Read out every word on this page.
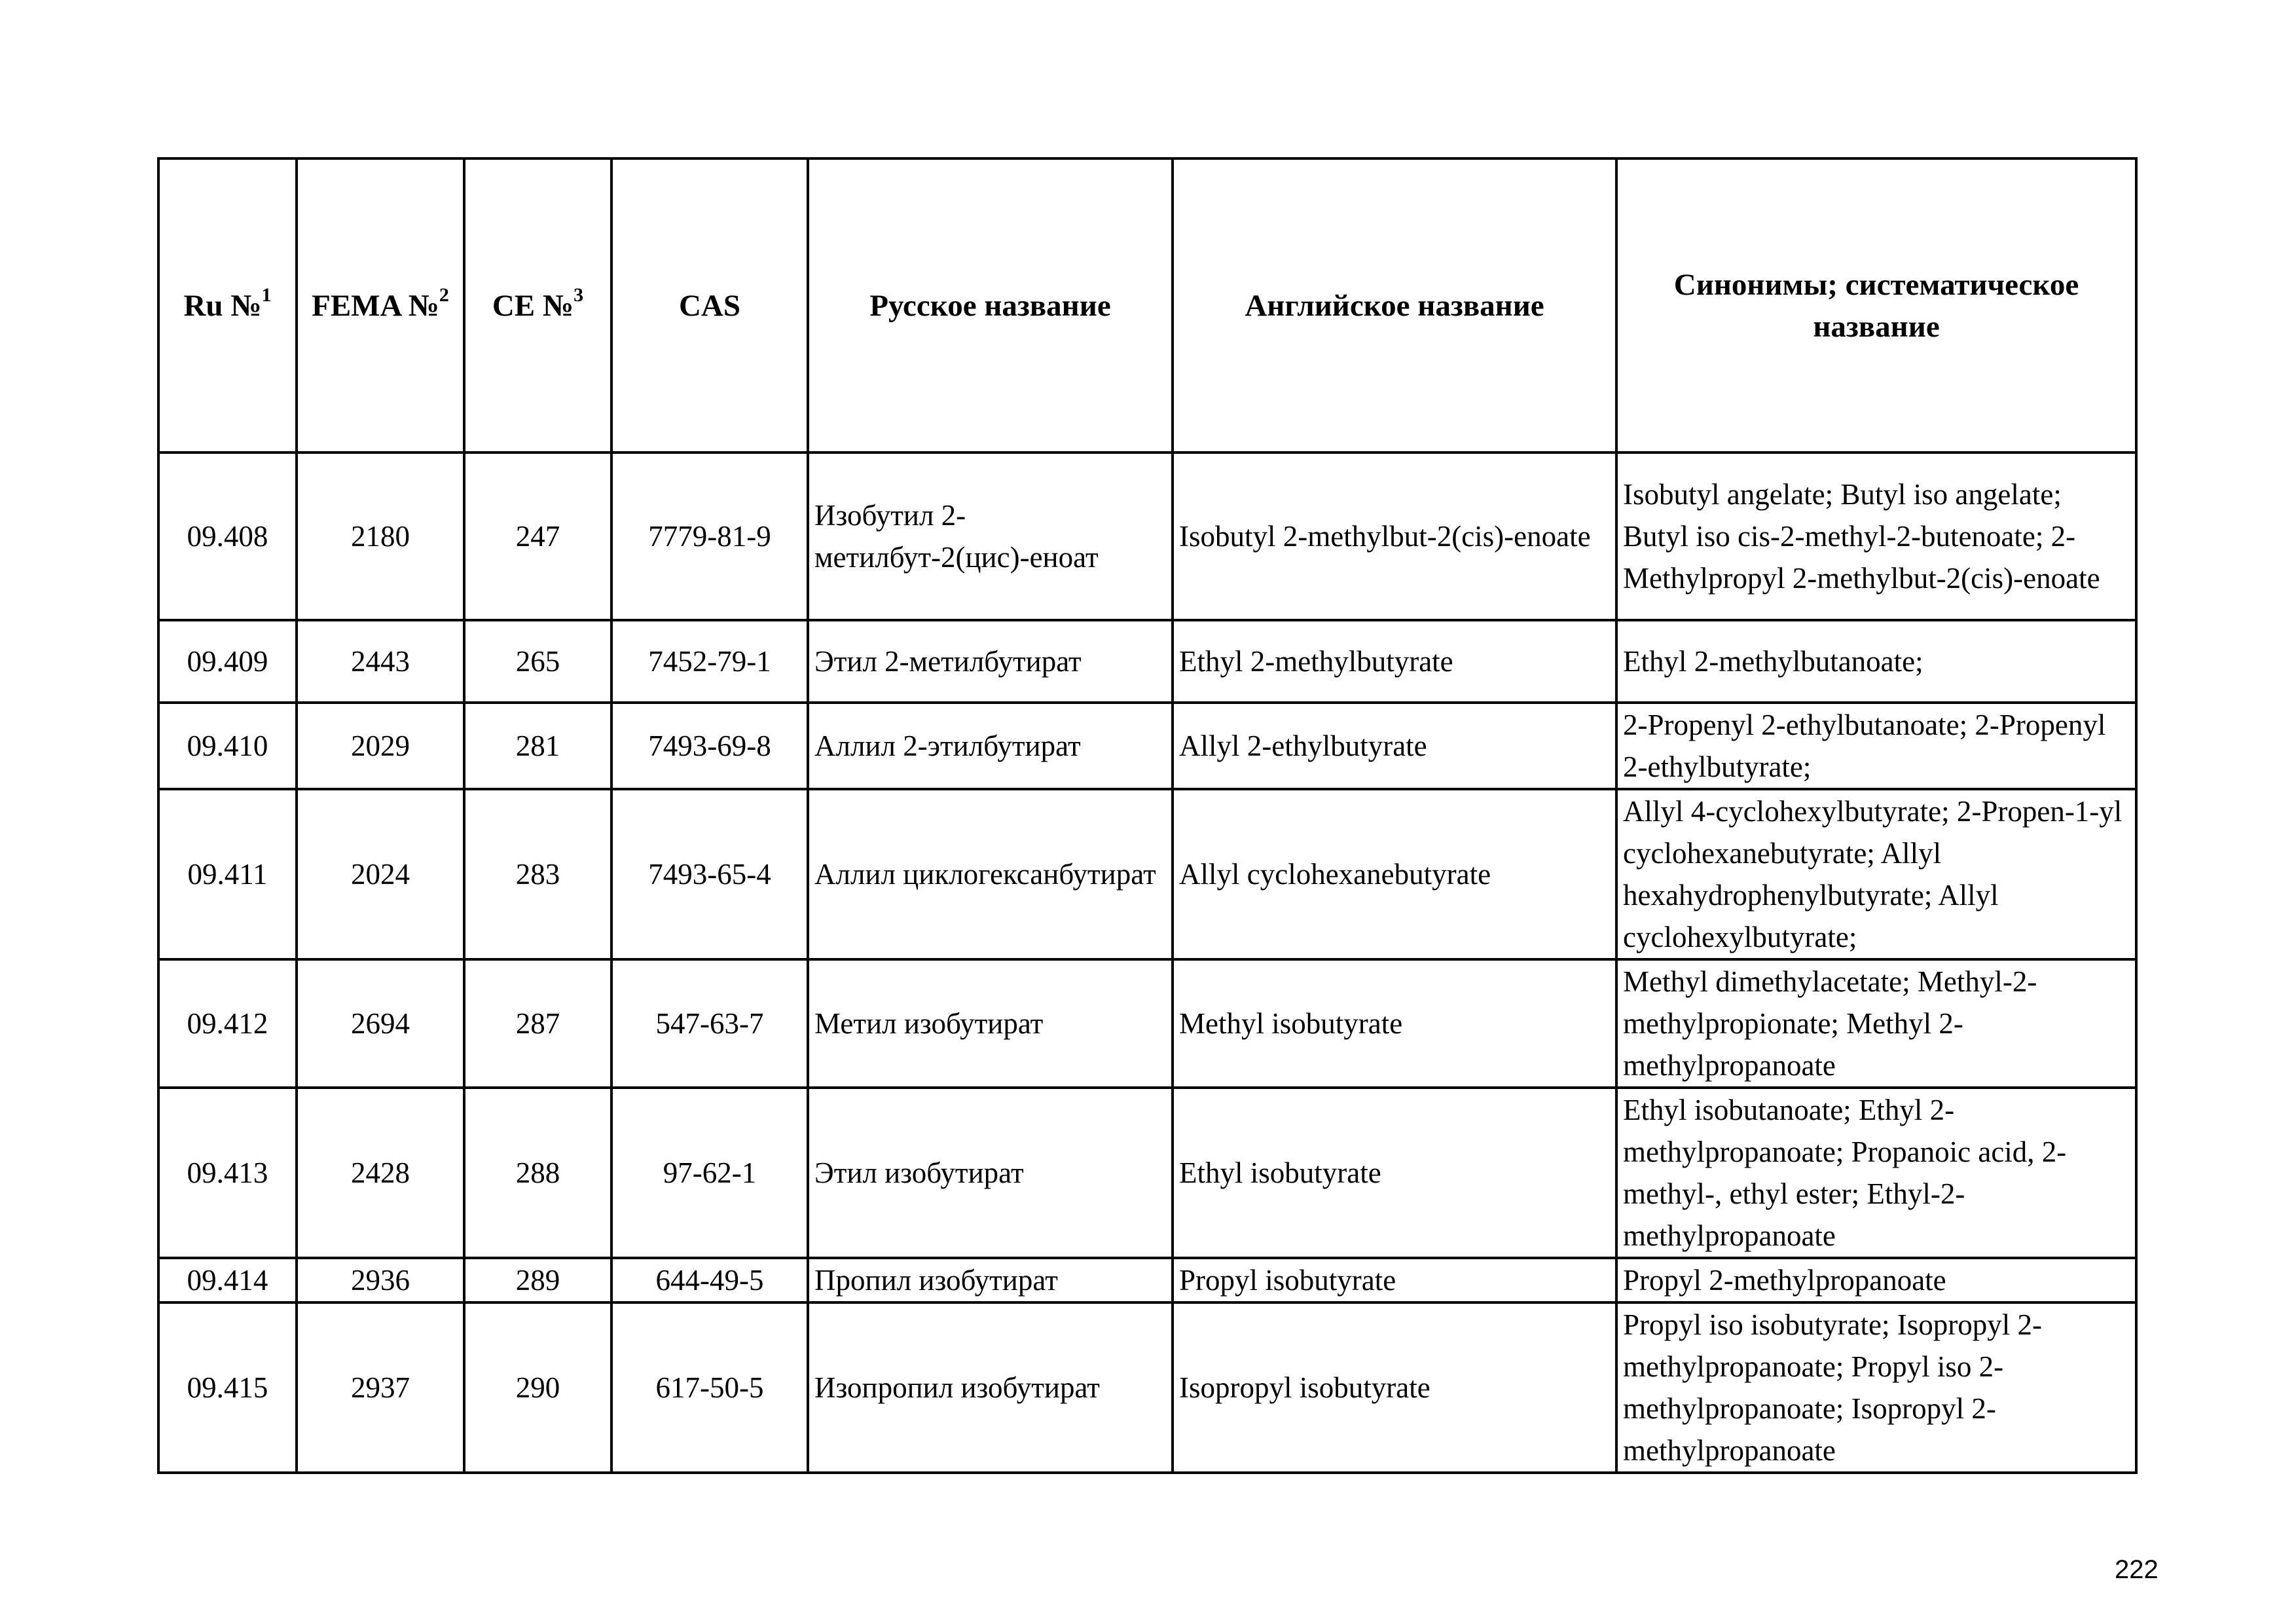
Ru №$^1$	FEMA №$^2$	CE №$^3$	CAS	Русское название	Английское название	Синонимы; систематическое название
09.408	2180	247	7779-81-9	Изобутил 2-метилбут-2(цис)-еноат	Isobutyl 2-methylbut-2(cis)-enoate	Isobutyl angelate; Butyl iso angelate; Butyl iso cis-2-methyl-2-butenoate; 2-Methylpropyl 2-methylbut-2(cis)-enoate
09.409	2443	265	7452-79-1	Этил 2-метилбутират	Ethyl 2-methylbutyrate	Ethyl 2-methylbutanoate;
09.410	2029	281	7493-69-8	Аллил 2-этилбутират	Allyl 2-ethylbutyrate	2-Propenyl 2-ethylbutanoate; 2-Propenyl 2-ethylbutyrate;
09.411	2024	283	7493-65-4	Аллил циклогексанбутират	Allyl cyclohexanebutyrate	Allyl 4-cyclohexylbutyrate; 2-Propen-1-yl cyclohexanebutyrate; Allyl hexahydrophenylbutyrate; Allyl cyclohexylbutyrate;
09.412	2694	287	547-63-7	Метил изобутират	Methyl isobutyrate	Methyl dimethylacetate; Methyl-2-methylpropionate; Methyl 2-methylpropanoate
09.413	2428	288	97-62-1	Этил изобутират	Ethyl isobutyrate	Ethyl isobutanoate; Ethyl 2-methylpropanoate; Propanoic acid, 2-methyl-, ethyl ester; Ethyl-2-methylpropanoate
09.414	2936	289	644-49-5	Пропил изобутират	Propyl isobutyrate	Propyl 2-methylpropanoate
09.415	2937	290	617-50-5	Изопропил изобутират	Isopropyl isobutyrate	Propyl iso isobutyrate; Isopropyl 2-methylpropanoate; Propyl iso 2-methylpropanoate; Isopropyl 2-methylpropanoate
222
